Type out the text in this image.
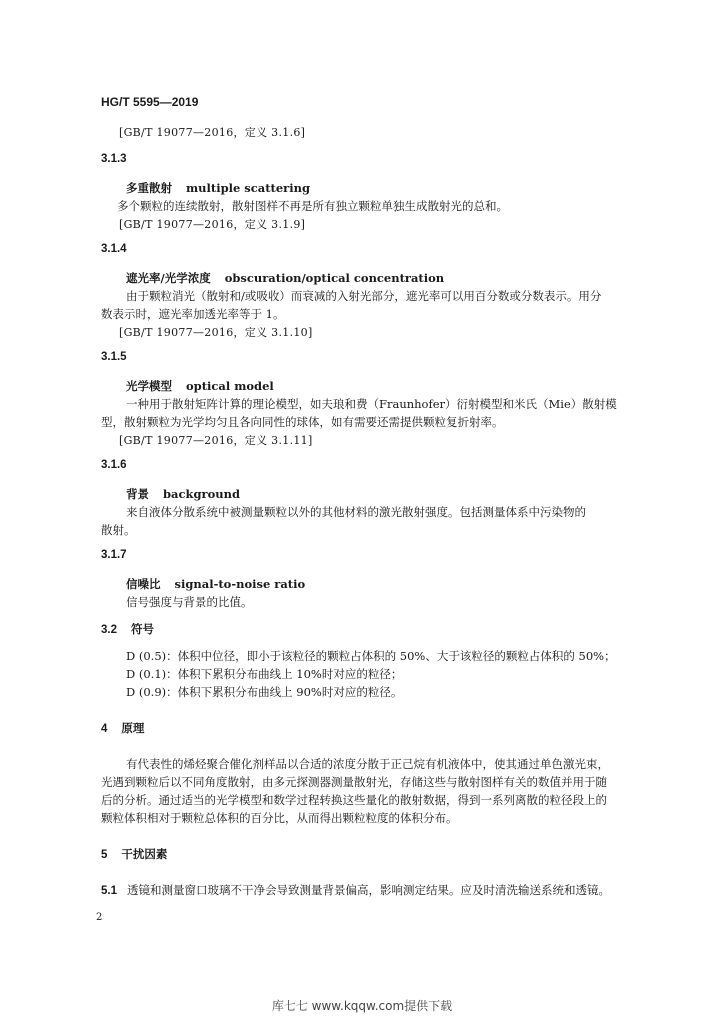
HG/T 5595—2019
[GB/T 19077—2016，定义 3.1.6]
3.1.3
多重散射 multiple scattering
多个颗粒的连续散射，散射图样不再是所有独立颗粒单独生成散射光的总和。
[GB/T 19077—2016，定义 3.1.9]
3.1.4
遮光率/光学浓度 obscuration/optical concentration
由于颗粒消光（散射和/或吸收）而衰减的入射光部分，遮光率可以用百分数或分数表示。用分
数表示时，遮光率加透光率等于 1。
[GB/T 19077—2016，定义 3.1.10]
3.1.5
光学模型 optical model
一种用于散射矩阵计算的理论模型，如夫琅和费（Fraunhofer）衍射模型和米氏（Mie）散射模
型，散射颗粒为光学均匀且各向同性的球体，如有需要还需提供颗粒复折射率。
[GB/T 19077—2016，定义 3.1.11]
3.1.6
背景 background
来自液体分散系统中被测量颗粒以外的其他材料的激光散射强度。包括测量体系中污染物的
散射。
3.1.7
信噪比 signal-to-noise ratio
信号强度与背景的比值。
3.2 符号
D (0.5)：体积中位径，即小于该粒径的颗粒占体积的 50%、大于该粒径的颗粒占体积的 50%；
D (0.1)：体积下累积分布曲线上 10%时对应的粒径；
D (0.9)：体积下累积分布曲线上 90%时对应的粒径。
4 原理
有代表性的烯烃聚合催化剂样品以合适的浓度分散于正己烷有机液体中，使其通过单色激光束，
光遇到颗粒后以不同角度散射，由多元探测器测量散射光，存储这些与散射图样有关的数值并用于随
后的分析。通过适当的光学模型和数学过程转换这些量化的散射数据，得到一系列离散的粒径段上的
颗粒体积相对于颗粒总体积的百分比，从而得出颗粒粒度的体积分布。
5 干扰因素
5.1 透镜和测量窗口玻璃不干净会导致测量背景偏高，影响测定结果。应及时清洗输送系统和透镜。
2
库七七 www.kqqw.com提供下载
